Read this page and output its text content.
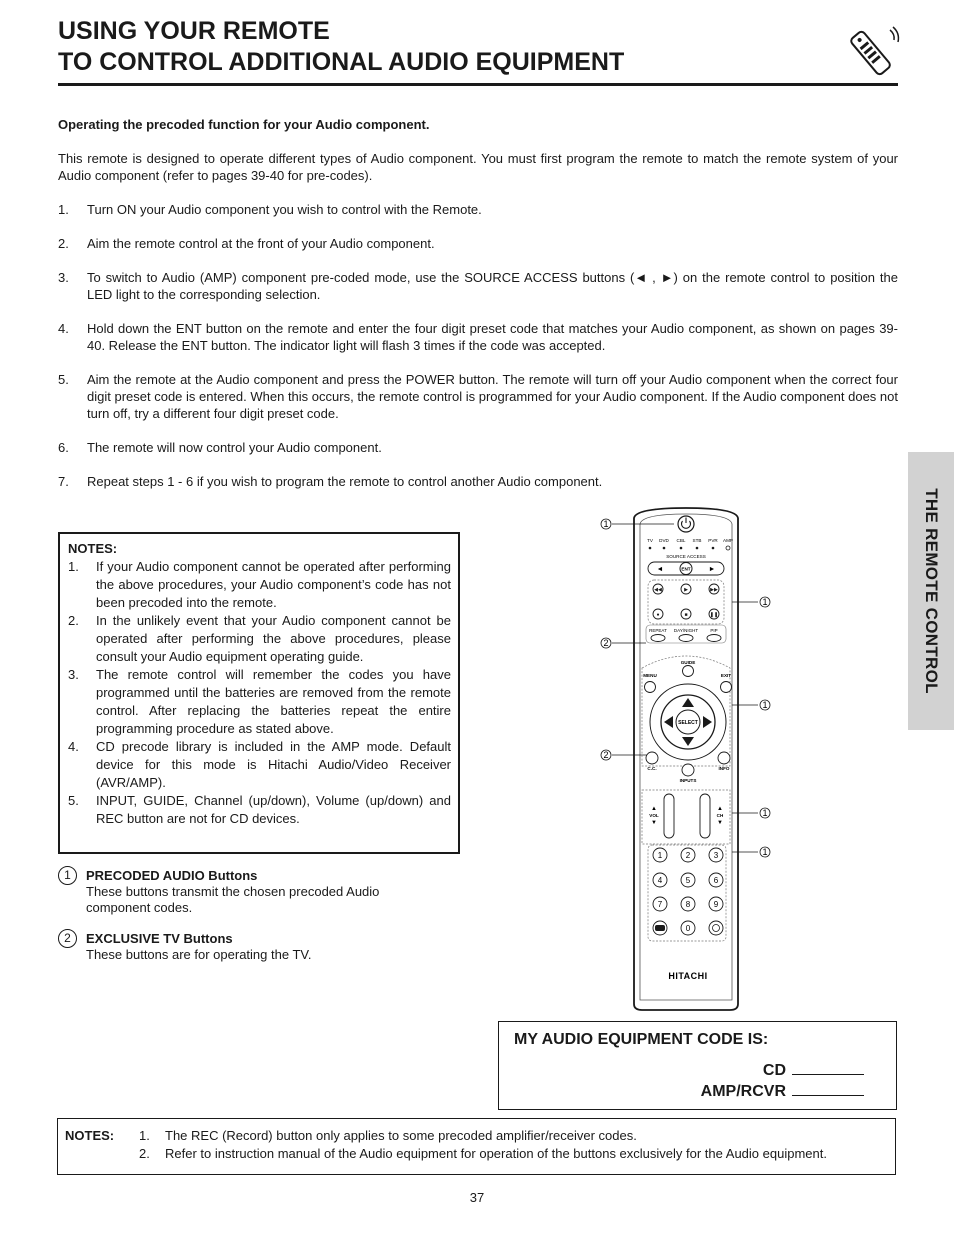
USING YOUR REMOTE
TO CONTROL ADDITIONAL AUDIO EQUIPMENT
THE REMOTE CONTROL

Operating the precoded function for your Audio component.

This remote is designed to operate different types of Audio component. You must first program the remote to match the remote system of your Audio component (refer to pages 39-40 for pre-codes).

1. Turn ON your Audio component you wish to control with the Remote.
2. Aim the remote control at the front of your Audio component.
3. To switch to Audio (AMP) component pre-coded mode, use the SOURCE ACCESS buttons (◄ , ►) on the remote control to position the LED light to the corresponding selection.
4. Hold down the ENT button on the remote and enter the four digit preset code that matches your Audio component, as shown on pages 39-40. Release the ENT button. The indicator light will flash 3 times if the code was accepted.
5. Aim the remote at the Audio component and press the POWER button. The remote will turn off your Audio component when the correct four digit preset code is entered. When this occurs, the remote control is programmed for your Audio component. If the Audio component does not turn off, try a different four digit preset code.
6. The remote will now control your Audio component.
7. Repeat steps 1 - 6 if you wish to program the remote to control another Audio component.
NOTES:
1. If your Audio component cannot be operated after performing the above procedures, your Audio component’s code has not been precoded into the remote.
2. In the unlikely event that your Audio component cannot be operated after performing the above procedures, please consult your Audio equipment operating guide.
3. The remote control will remember the codes you have programmed until the batteries are removed from the remote control. After replacing the batteries repeat the entire programming procedure as stated above.
4. CD precode library is included in the AMP mode. Default device for this mode is Hitachi Audio/Video Receiver (AVR/AMP).
5. INPUT, GUIDE, Channel (up/down), Volume (up/down) and REC button are not for CD devices.
1	PRECODED AUDIO Buttons
These buttons transmit the chosen precoded Audio component codes.
2	EXCLUSIVE TV Buttons
These buttons are for operating the TV.
1
1
2
1
2
1
1
TV DVD CBL STB PVR AMP
SOURCE ACCESS
◄	►
ENT
◀◀	▶	▶▶
●	■	❚❚
REPEAT DAY/NIGHT	PIP
GUIDE
MENU	EXIT
SELECT
C.C.	INFO
INPUTS
▲
VOL
▼
▲
CH
▼
1	2	3
4	5	6
7	8	9
0
HITACHI
MY AUDIO EQUIPMENT CODE IS:
CD
AMP/RCVR
NOTES: 1. The REC (Record) button only applies to some precoded amplifier/receiver codes.
2. Refer to instruction manual of the Audio equipment for operation of the buttons exclusively for the Audio equipment.
37
